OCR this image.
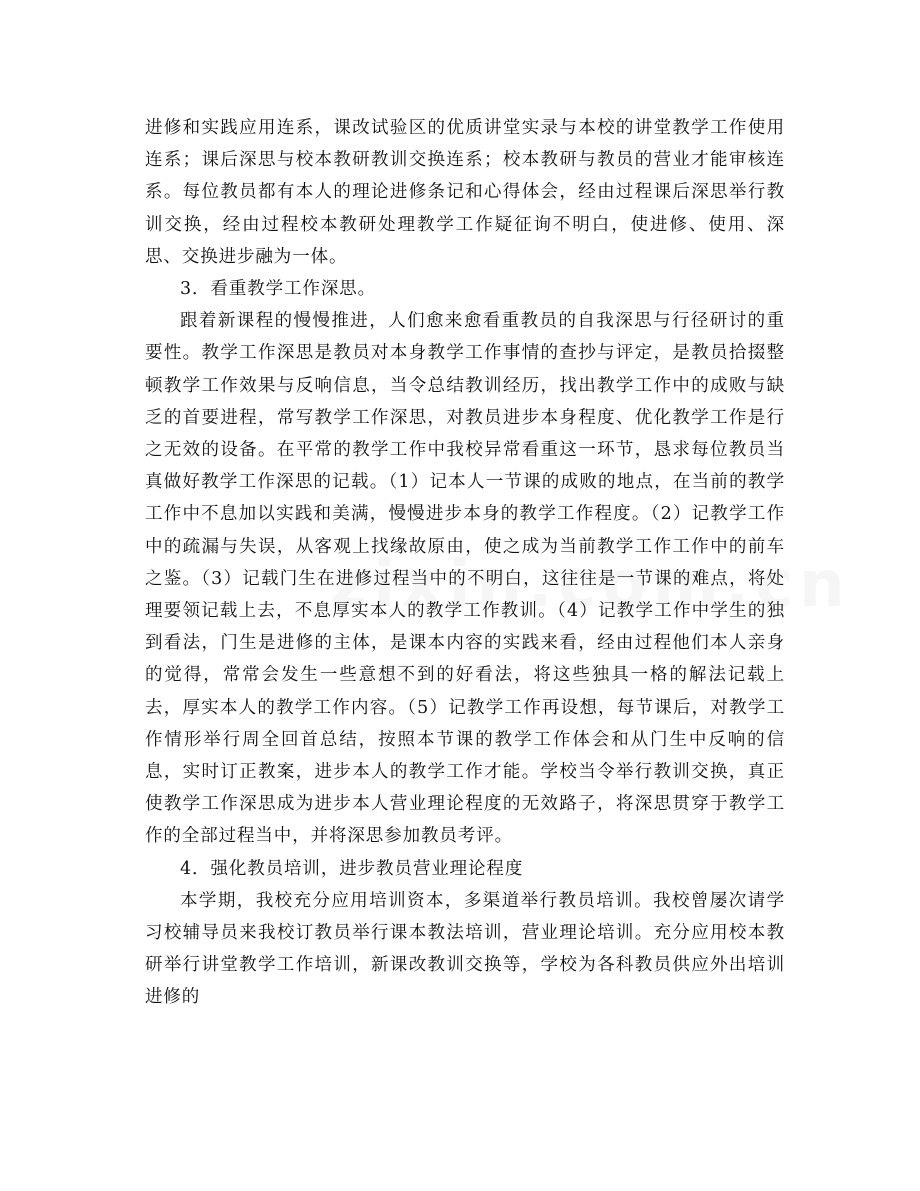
进修和实践应用连系，课改试验区的优质讲堂实录与本校的讲堂教学工作使用连系；课后深思与校本教研教训交换连系；校本教研与教员的营业才能审核连系。每位教员都有本人的理论进修条记和心得体会，经由过程课后深思举行教训交换，经由过程校本教研处理教学工作疑征询不明白，使进修、使用、深思、交换进步融为一体。

3．看重教学工作深思。

跟着新课程的慢慢推进，人们愈来愈看重教员的自我深思与行径研讨的重要性。教学工作深思是教员对本身教学工作事情的查抄与评定，是教员拾掇整顿教学工作效果与反响信息，当令总结教训经历，找出教学工作中的成败与缺乏的首要进程，常写教学工作深思，对教员进步本身程度、优化教学工作是行之无效的设备。在平常的教学工作中我校异常看重这一环节，恳求每位教员当真做好教学工作深思的记载。（1）记本人一节课的成败的地点，在当前的教学工作中不息加以实践和美满，慢慢进步本身的教学工作程度。（2）记教学工作中的疏漏与失误，从客观上找缘故原由，使之成为当前教学工作工作中的前车之鉴。（3）记载门生在进修过程当中的不明白，这往往是一节课的难点，将处理要领记载上去，不息厚实本人的教学工作教训。（4）记教学工作中学生的独到看法，门生是进修的主体，是课本内容的实践来看，经由过程他们本人亲身的觉得，常常会发生一些意想不到的好看法，将这些独具一格的解法记载上去，厚实本人的教学工作内容。（5）记教学工作再设想，每节课后，对教学工作情形举行周全回首总结，按照本节课的教学工作体会和从门生中反响的信息，实时订正教案，进步本人的教学工作才能。学校当令举行教训交换，真正使教学工作深思成为进步本人营业理论程度的无效路子，将深思贯穿于教学工作的全部过程当中，并将深思参加教员考评。

4．强化教员培训，进步教员营业理论程度

本学期，我校充分应用培训资本，多渠道举行教员培训。我校曾屡次请学习校辅导员来我校订教员举行课本教法培训，营业理论培训。充分应用校本教研举行讲堂教学工作培训，新课改教训交换等，学校为各科教员供应外出培训进修的
